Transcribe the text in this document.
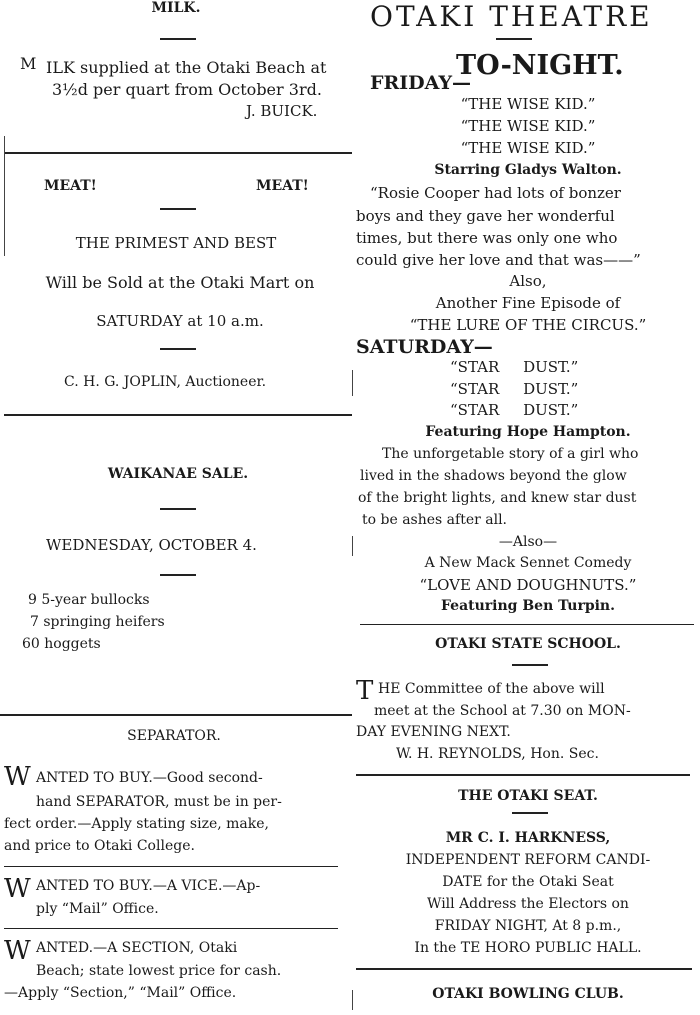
MILK.
M ILK supplied at the Otaki Beach at
3½d per quart from October 3rd.
J. BUICK.
MEAT!	MEAT!
THE PRIMEST AND BEST
Will be Sold at the Otaki Mart on
SATURDAY at 10 a.m.
C. H. G. JOPLIN, Auctioneer.
WAIKANAE SALE.
WEDNESDAY, OCTOBER 4.
9 5-year bullocks
7 springing heifers
60 hoggets
SEPARATOR.
W ANTED TO BUY.—Good second-
hand SEPARATOR, must be in per-
fect order.—Apply stating size, make,
and price to Otaki College.
W ANTED TO BUY.—A VICE.—Ap-
ply “Mail” Office.
W ANTED.—A SECTION, Otaki
Beach; state lowest price for cash.
—Apply “Section,” “Mail” Office.
OTAKI THEATRE
TO-NIGHT.
FRIDAY—
“THE WISE KID.”
“THE WISE KID.”
“THE WISE KID.”
Starring Gladys Walton.
“Rosie Cooper had lots of bonzer
boys and they gave her wonderful
times, but there was only one who
could give her love and that was——”
Also,
Another Fine Episode of
“THE LURE OF THE CIRCUS.”
SATURDAY—
“STAR     DUST.”
“STAR     DUST.”
“STAR     DUST.”
Featuring Hope Hampton.
The unforgetable story of a girl who
lived in the shadows beyond the glow
of the bright lights, and knew star dust
to be ashes after all.
—Also—
A New Mack Sennet Comedy
“LOVE AND DOUGHNUTS.”
Featuring Ben Turpin.
OTAKI STATE SCHOOL.
T HE Committee of the above will
meet at the School at 7.30 on MON-
DAY EVENING NEXT.
W. H. REYNOLDS, Hon. Sec.
THE OTAKI SEAT.
MR C. I. HARKNESS,
INDEPENDENT REFORM CANDI-
DATE for the Otaki Seat
Will Address the Electors on
FRIDAY NIGHT, At 8 p.m.,
In the TE HORO PUBLIC HALL.
OTAKI BOWLING CLUB.
